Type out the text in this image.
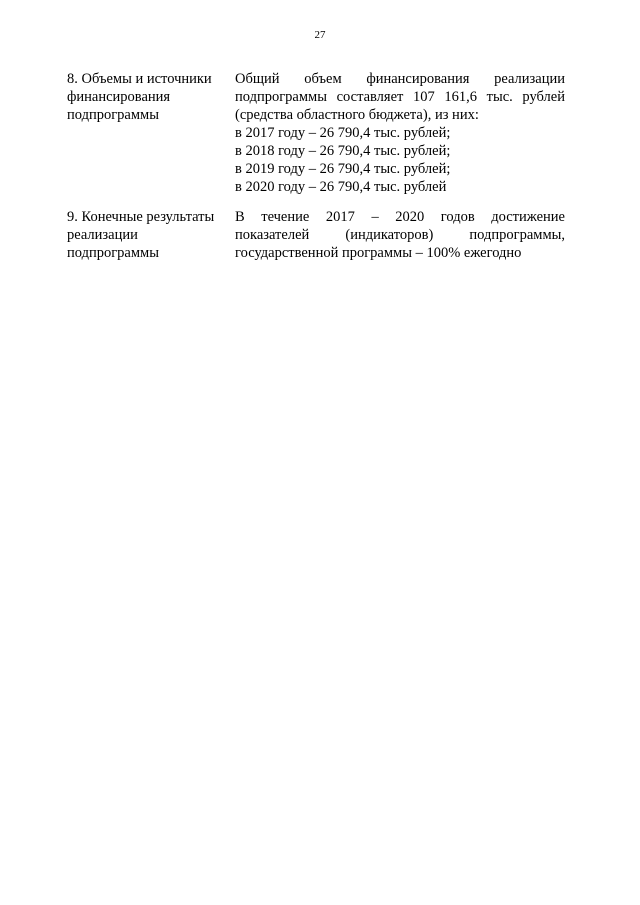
27
8. Объемы и источники
финансирования
подпрограммы
Общий объем финансирования реализации
подпрограммы составляет 107 161,6 тыс. рублей
(средства областного бюджета), из них:
в 2017 году – 26 790,4 тыс. рублей;
в 2018 году – 26 790,4 тыс. рублей;
в 2019 году – 26 790,4 тыс. рублей;
в 2020 году – 26 790,4 тыс. рублей
9. Конечные результаты
реализации
подпрограммы
В течение 2017 – 2020 годов достижение
показателей (индикаторов) подпрограммы,
государственной программы – 100% ежегодно
